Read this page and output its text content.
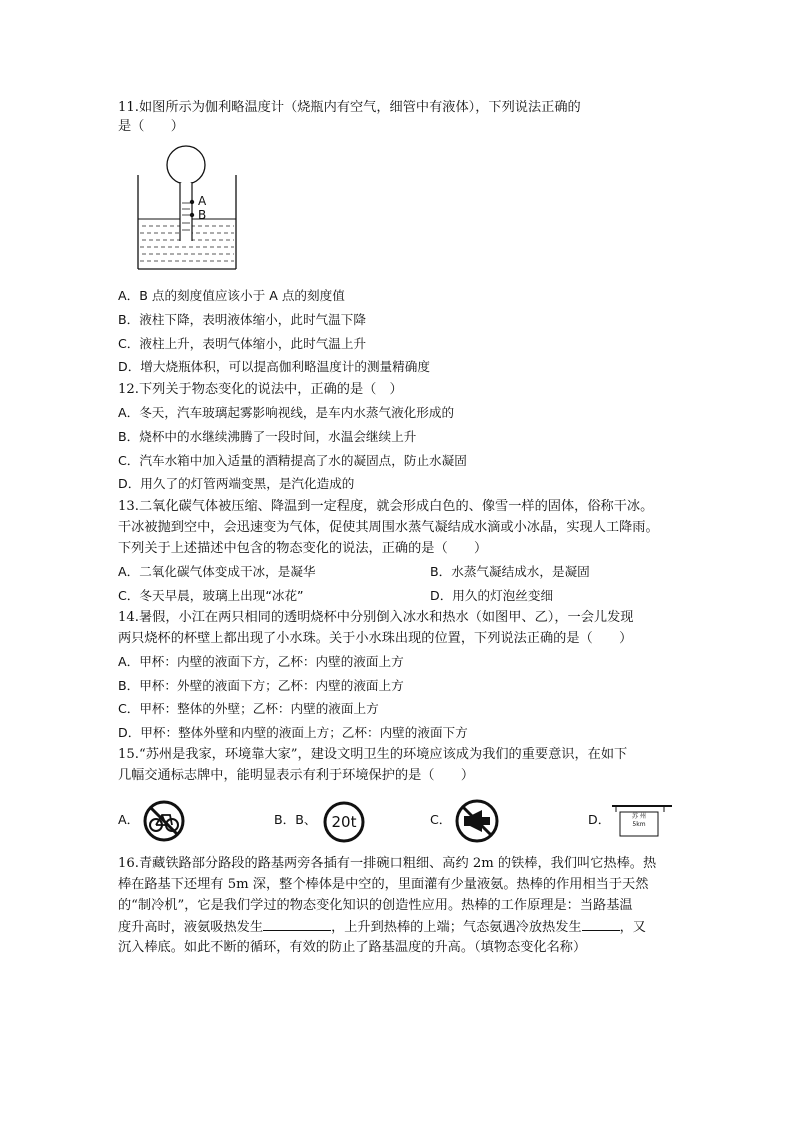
11.如图所示为伽利略温度计（烧瓶内有空气，细管中有液体），下列说法正确的
是（　　）
A
B
A．B 点的刻度值应该小于 A 点的刻度值
B．液柱下降，表明液体缩小，此时气温下降
C．液柱上升，表明气体缩小，此时气温上升
D．增大烧瓶体积，可以提高伽利略温度计的测量精确度
12.下列关于物态变化的说法中，正确的是（　）
A．冬天，汽车玻璃起雾影响视线，是车内水蒸气液化形成的
B．烧杯中的水继续沸腾了一段时间，水温会继续上升
C．汽车水箱中加入适量的酒精提高了水的凝固点，防止水凝固
D．用久了的灯管两端变黑，是汽化造成的
13.二氧化碳气体被压缩、降温到一定程度，就会形成白色的、像雪一样的固体，俗称干冰。
干冰被抛到空中，会迅速变为气体，促使其周围水蒸气凝结成水滴或小冰晶，实现人工降雨。
下列关于上述描述中包含的物态变化的说法，正确的是（　　）
A．二氧化碳气体变成干冰，是凝华	B．水蒸气凝结成水，是凝固
C．冬天早晨，玻璃上出现“冰花”	D．用久的灯泡丝变细
14.暑假，小江在两只相同的透明烧杯中分别倒入冰水和热水（如图甲、乙），一会儿发现
两只烧杯的杯壁上都出现了小水珠。关于小水珠出现的位置，下列说法正确的是（　　）
A．甲杯：内壁的液面下方，乙杯：内壁的液面上方
B．甲杯：外壁的液面下方；乙杯：内壁的液面上方
C．甲杯：整体的外壁；乙杯：内壁的液面上方
D．甲杯：整体外壁和内壁的液面上方；乙杯：内壁的液面下方
15.“苏州是我家，环境靠大家”，建设文明卫生的环境应该成为我们的重要意识，在如下
几幅交通标志牌中，能明显表示有利于环境保护的是（　　）
A．	B．B、	20t	C．	D．	苏 州
5km
16.青藏铁路部分路段的路基两旁各插有一排碗口粗细、高约 2m 的铁棒，我们叫它热棒。热
棒在路基下还埋有 5m 深，整个棒体是中空的，里面灌有少量液氨。热棒的作用相当于天然
的“制冷机”，它是我们学过的物态变化知识的创造性应用。热棒的工作原理是：当路基温
度升高时，液氨吸热发生	，上升到热棒的上端；气态氨遇冷放热发生	，又
沉入棒底。如此不断的循环，有效的防止了路基温度的升高。（填物态变化名称）
